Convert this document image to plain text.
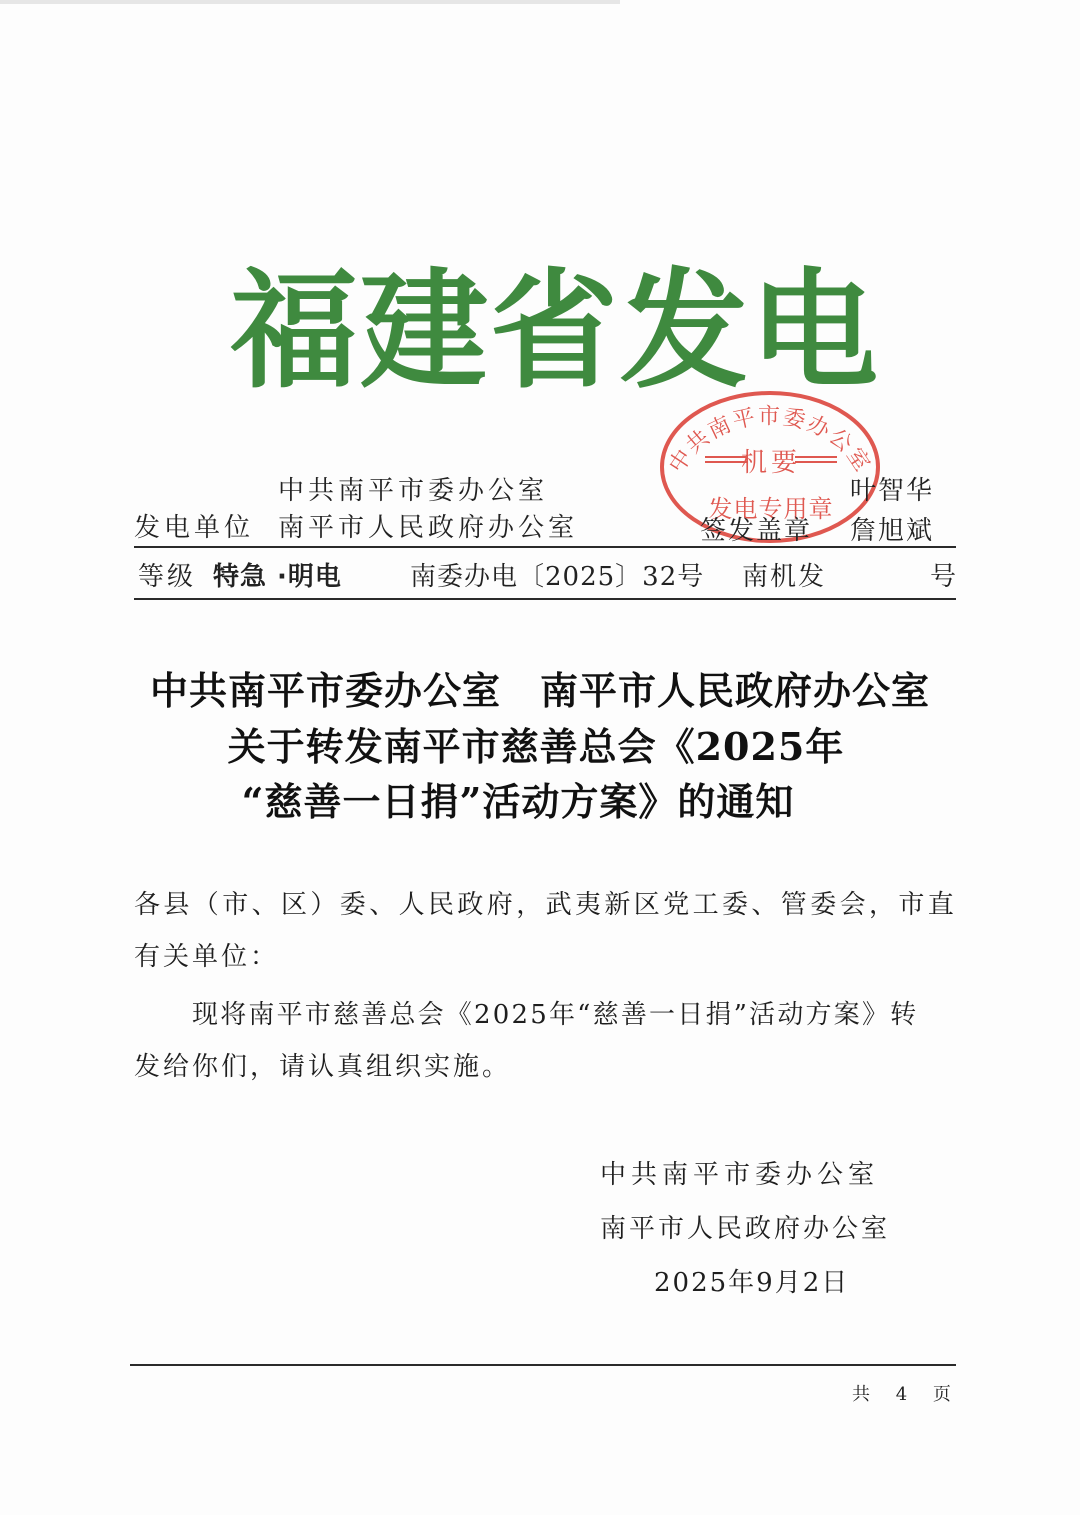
福建省发电
中共南平市委办公室
机要
发电专用章
中共南平市委办公室
发电单位 南平市人民政府办公室
叶智华
签发盖章 詹旭斌
等级 特急 ·明电	南委办电〔2025〕32号 南机发	号
中共南平市委办公室　南平市人民政府办公室
关于转发南平市慈善总会《2025年
“慈善一日捐”活动方案》的通知
各县（市、区）委、人民政府，武夷新区党工委、管委会，市直
有关单位：
现将南平市慈善总会《2025年“慈善一日捐”活动方案》转
发给你们，请认真组织实施。
中共南平市委办公室
南平市人民政府办公室
2025年9月2日
共 4 页
